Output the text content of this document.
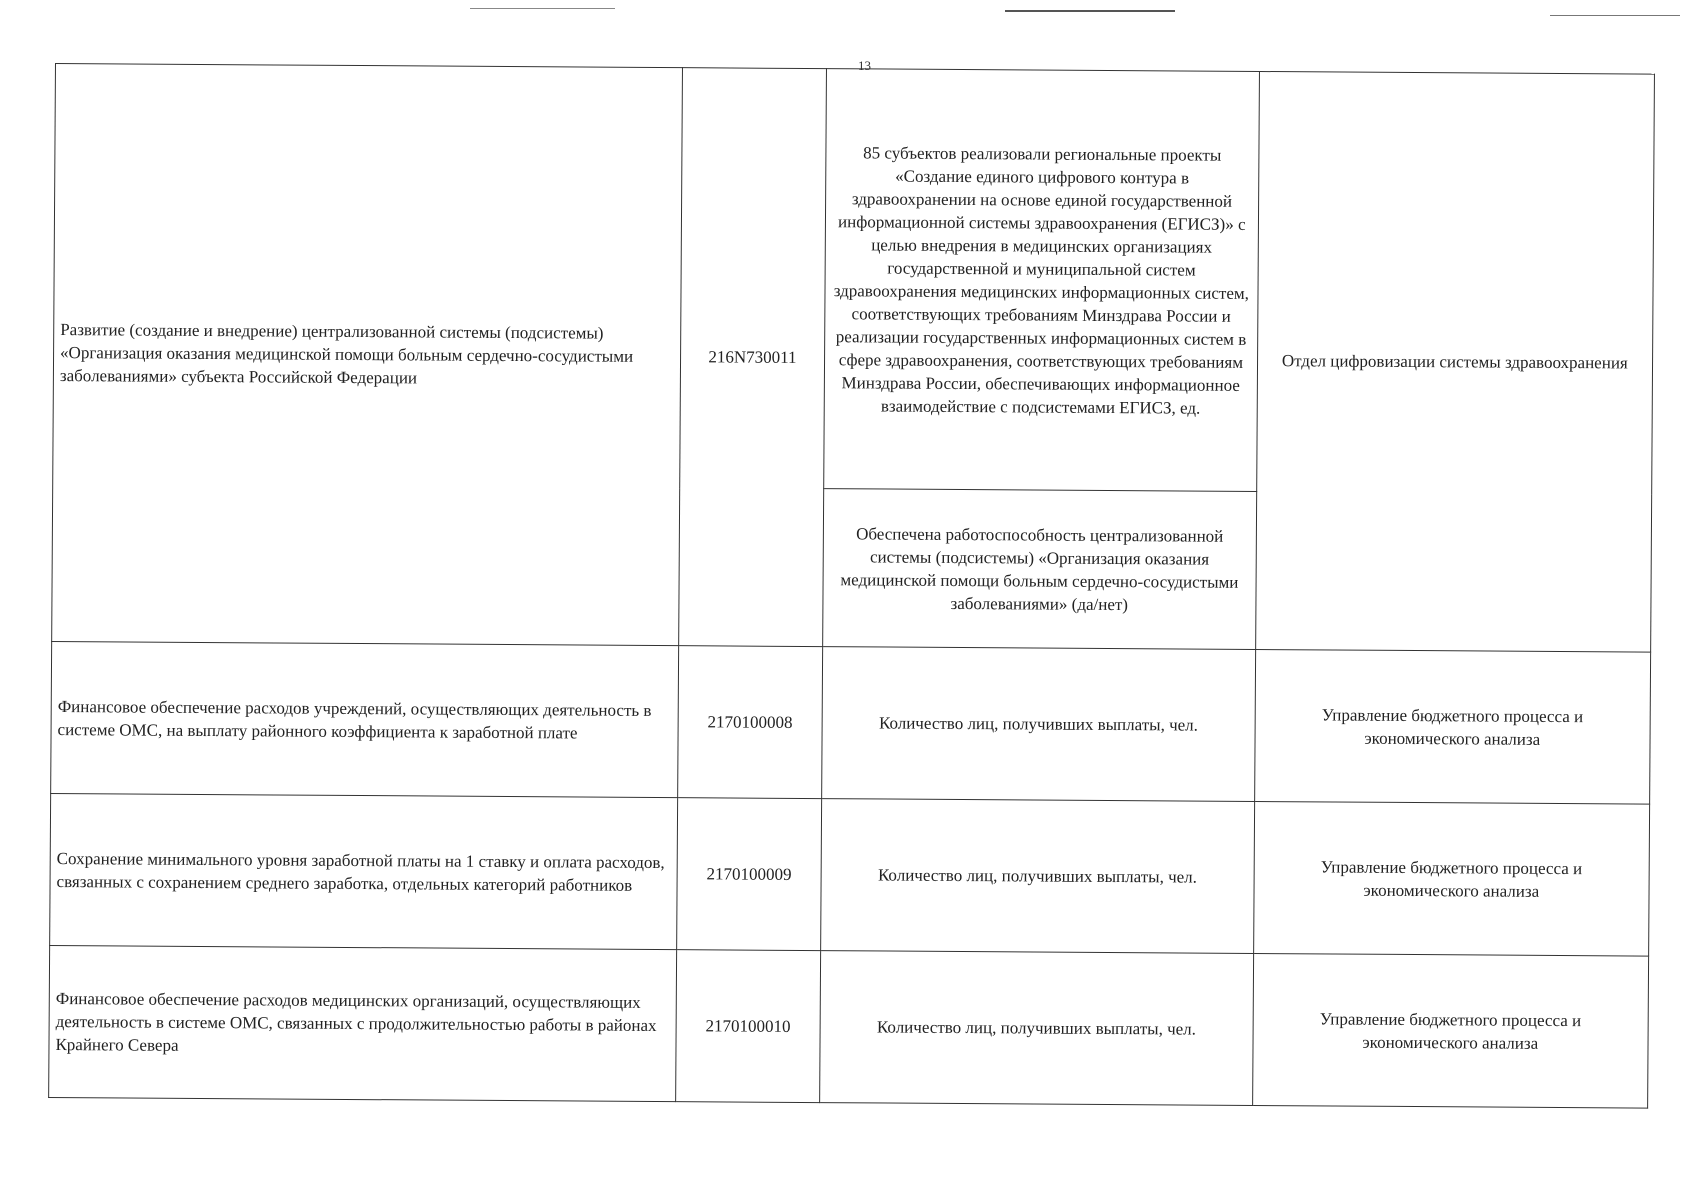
13
Развитие (создание и внедрение) централизованной системы (подсистемы) «Организация оказания медицинской помощи больным сердечно-сосудистыми заболеваниями» субъекта Российской Федерации	216N730011	85 субъектов реализовали региональные проекты «Создание единого цифрового контура в здравоохранении на основе единой государственной информационной системы здравоохранения (ЕГИСЗ)» с целью внедрения в медицинских организациях государственной и муниципальной систем здравоохранения медицинских информационных систем, соответствующих требованиям Минздрава России и реализации государственных информационных систем в сфере здравоохранения, соответствующих требованиям Минздрава России, обеспечивающих информационное взаимодействие с подсистемами ЕГИСЗ, ед.	Отдел цифровизации системы здравоохранения
		Обеспечена работоспособность централизованной системы (подсистемы) «Организация оказания медицинской помощи больным сердечно-сосудистыми заболеваниями» (да/нет)	
Финансовое обеспечение расходов учреждений, осуществляющих деятельность в системе ОМС, на выплату районного коэффициента к заработной плате	2170100008	Количество лиц, получивших выплаты, чел.	Управление бюджетного процесса и экономического анализа
Сохранение минимального уровня заработной платы на 1 ставку и оплата расходов, связанных с сохранением среднего заработка, отдельных категорий работников	2170100009	Количество лиц, получивших выплаты, чел.	Управление бюджетного процесса и экономического анализа
Финансовое обеспечение расходов медицинских организаций, осуществляющих деятельность в системе ОМС, связанных с продолжительностью работы в районах Крайнего Севера	2170100010	Количество лиц, получивших выплаты, чел.	Управление бюджетного процесса и экономического анализа
